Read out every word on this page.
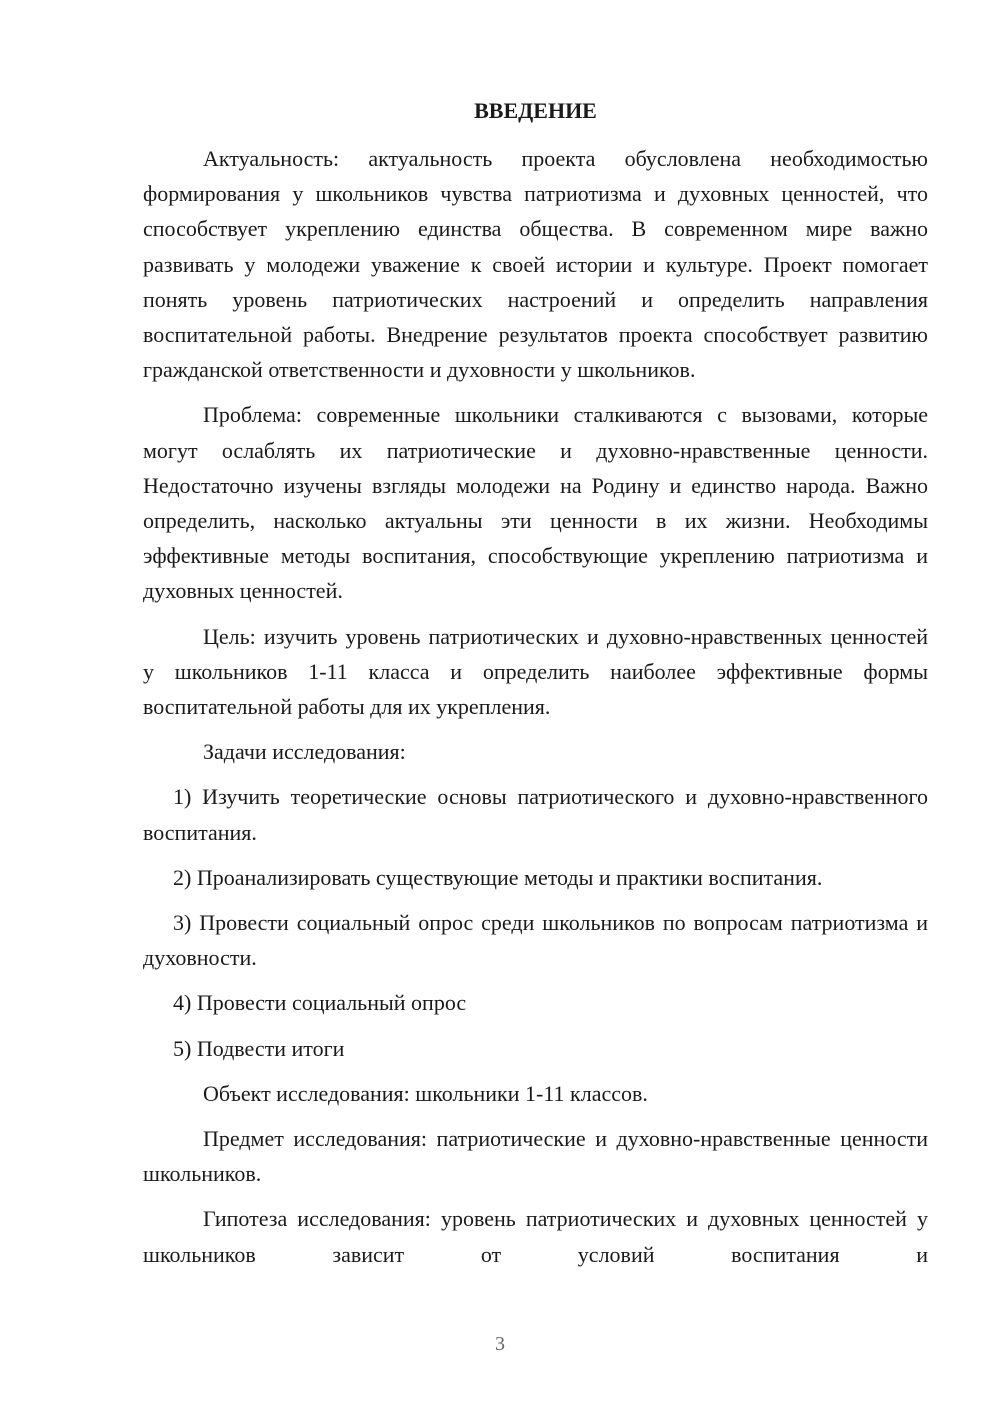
ВВЕДЕНИЕ

Актуальность: актуальность проекта обусловлена необходимостью формирования у школьников чувства патриотизма и духовных ценностей, что способствует укреплению единства общества. В современном мире важно развивать у молодежи уважение к своей истории и культуре. Проект помогает понять уровень патриотических настроений и определить направления воспитательной работы. Внедрение результатов проекта способствует развитию гражданской ответственности и духовности у школьников.

Проблема: современные школьники сталкиваются с вызовами, которые могут ослаблять их патриотические и духовно-нравственные ценности. Недостаточно изучены взгляды молодежи на Родину и единство народа. Важно определить, насколько актуальны эти ценности в их жизни. Необходимы эффективные методы воспитания, способствующие укреплению патриотизма и духовных ценностей.

Цель: изучить уровень патриотических и духовно-нравственных ценностей у школьников 1-11 класса и определить наиболее эффективные формы воспитательной работы для их укрепления.

Задачи исследования:

1) Изучить теоретические основы патриотического и духовно-нравственного воспитания.

2) Проанализировать существующие методы и практики воспитания.

3) Провести социальный опрос среди школьников по вопросам патриотизма и духовности.

4) Провести социальный опрос

5) Подвести итоги

Объект исследования: школьники 1-11 классов.

Предмет исследования: патриотические и духовно-нравственные ценности школьников.

Гипотеза исследования: уровень патриотических и духовных ценностей у школьников зависит от условий воспитания и

3
